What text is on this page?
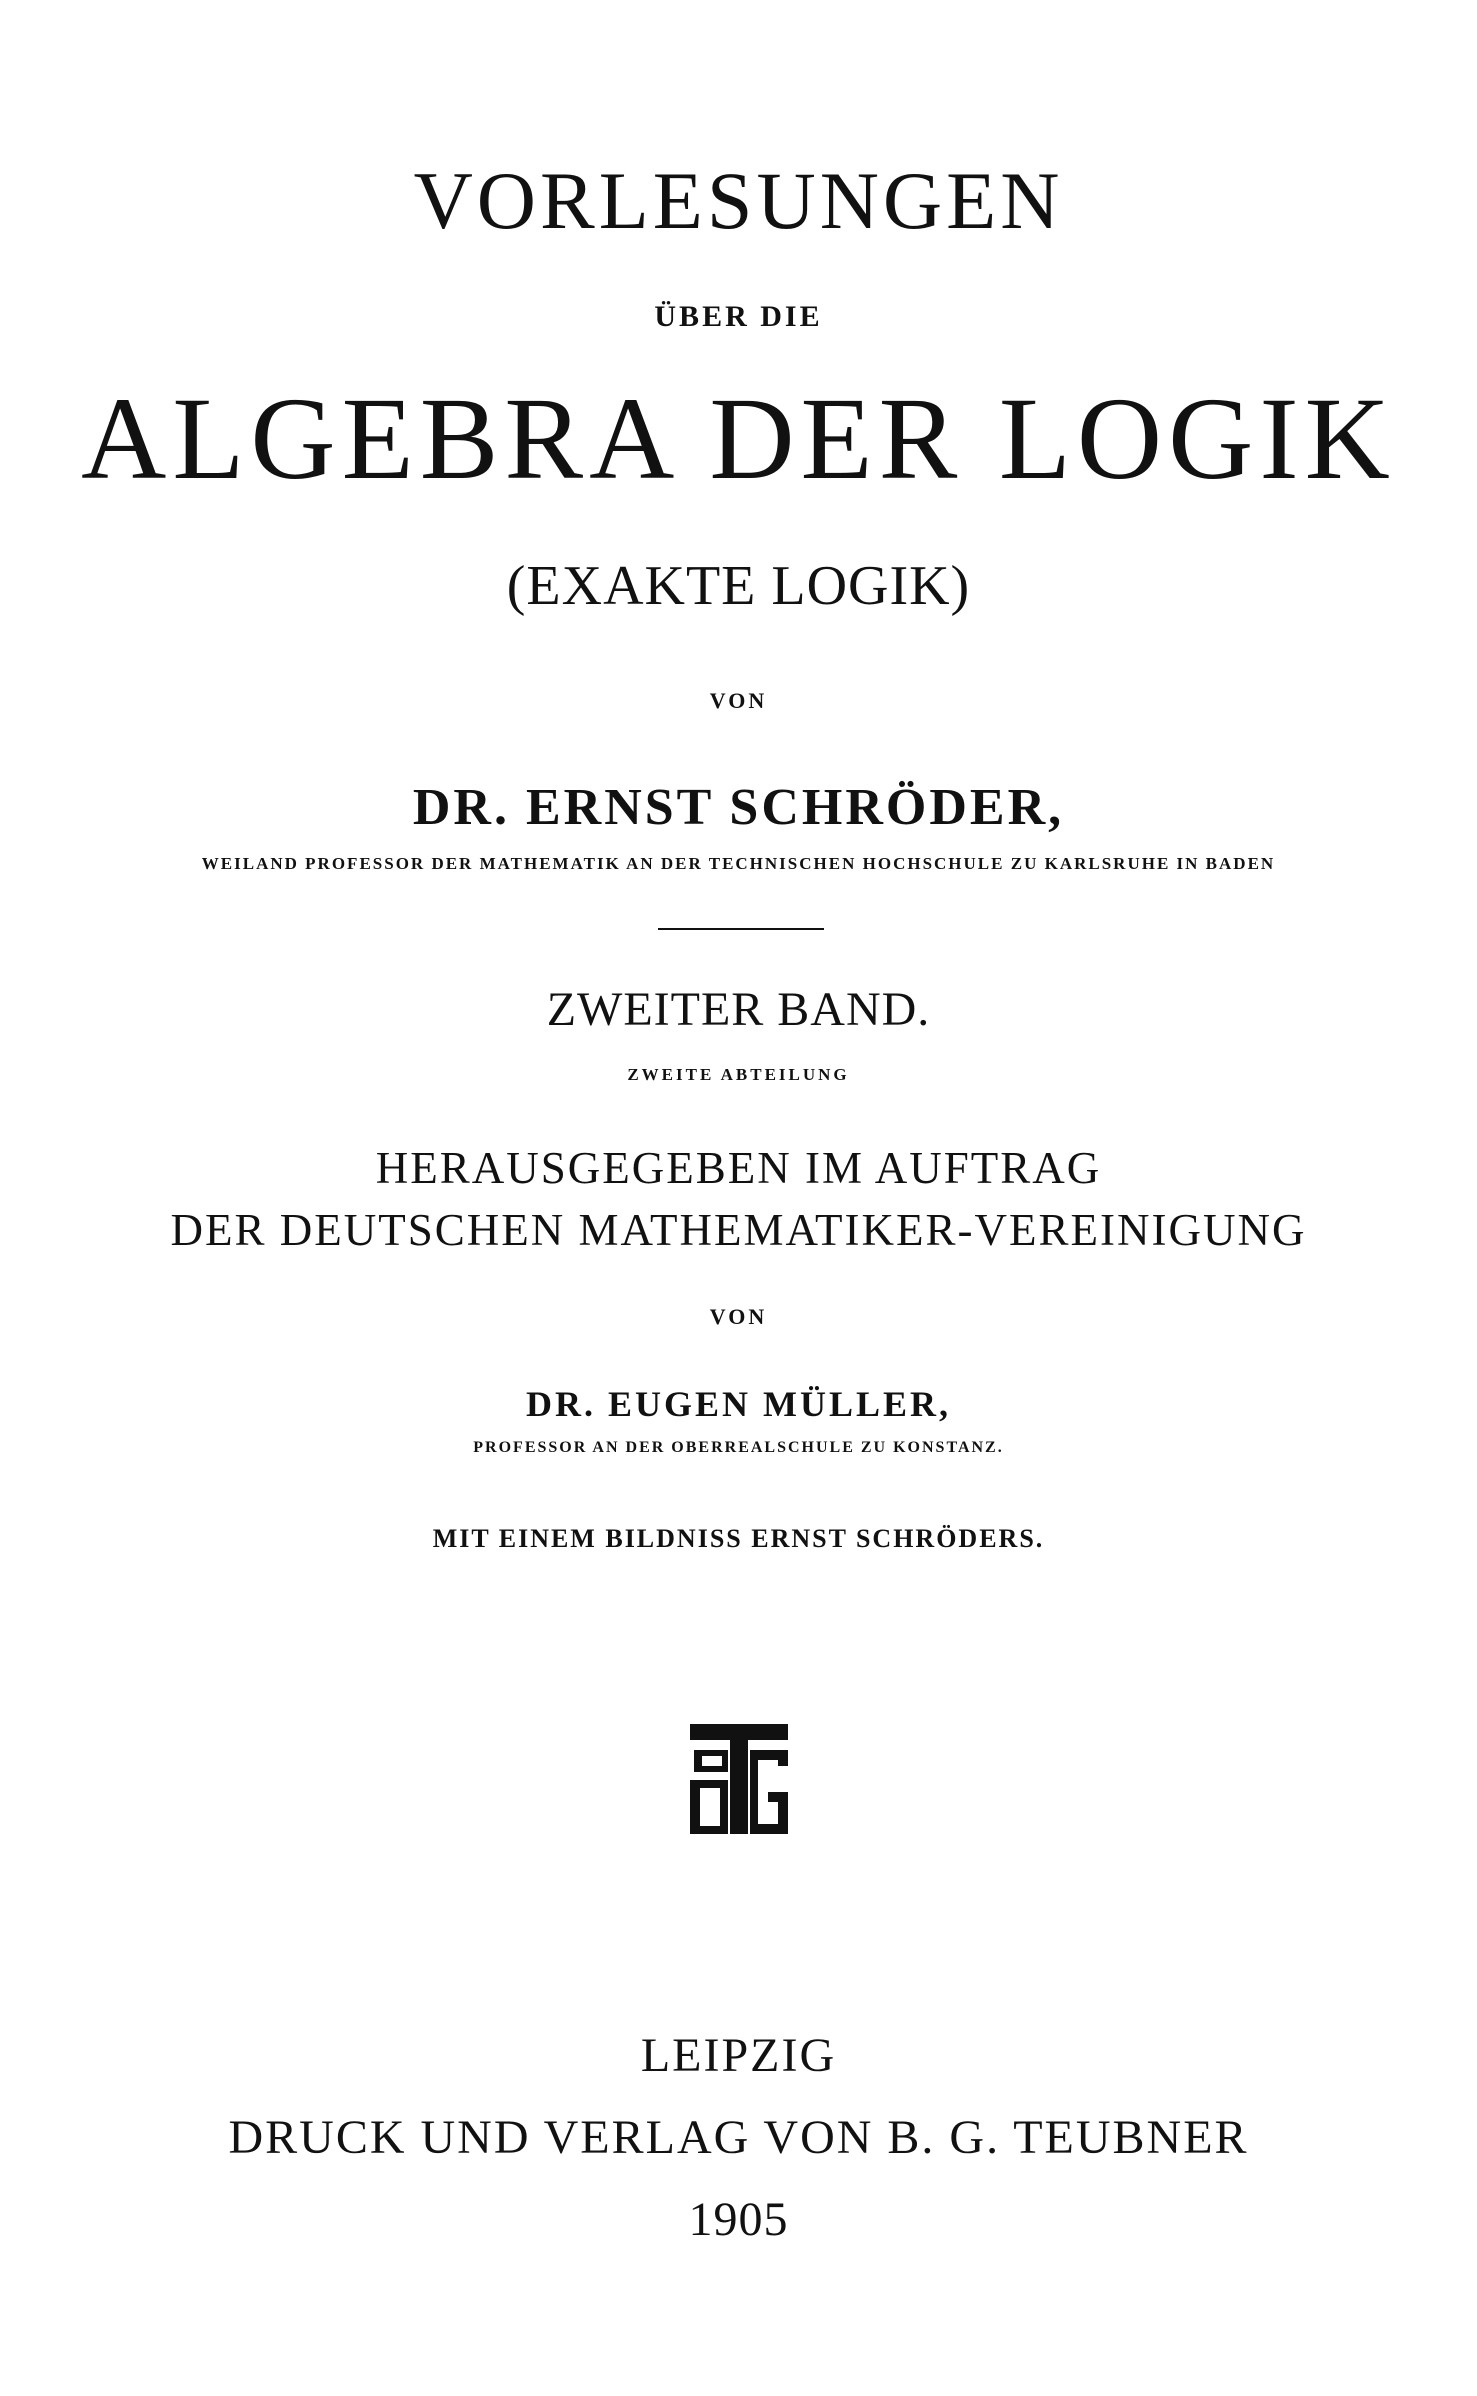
VORLESUNGEN
ÜBER DIE
ALGEBRA DER LOGIK
(EXAKTE LOGIK)
VON
DR. ERNST SCHRÖDER,
WEILAND PROFESSOR DER MATHEMATIK AN DER TECHNISCHEN HOCHSCHULE ZU KARLSRUHE IN BADEN
ZWEITER BAND.
ZWEITE ABTEILUNG
HERAUSGEGEBEN IM AUFTRAG
DER DEUTSCHEN MATHEMATIKER-VEREINIGUNG
VON
DR. EUGEN MÜLLER,
PROFESSOR AN DER OBERREALSCHULE ZU KONSTANZ.
MIT EINEM BILDNISS ERNST SCHRÖDERS.
LEIPZIG
DRUCK UND VERLAG VON B. G. TEUBNER
1905
